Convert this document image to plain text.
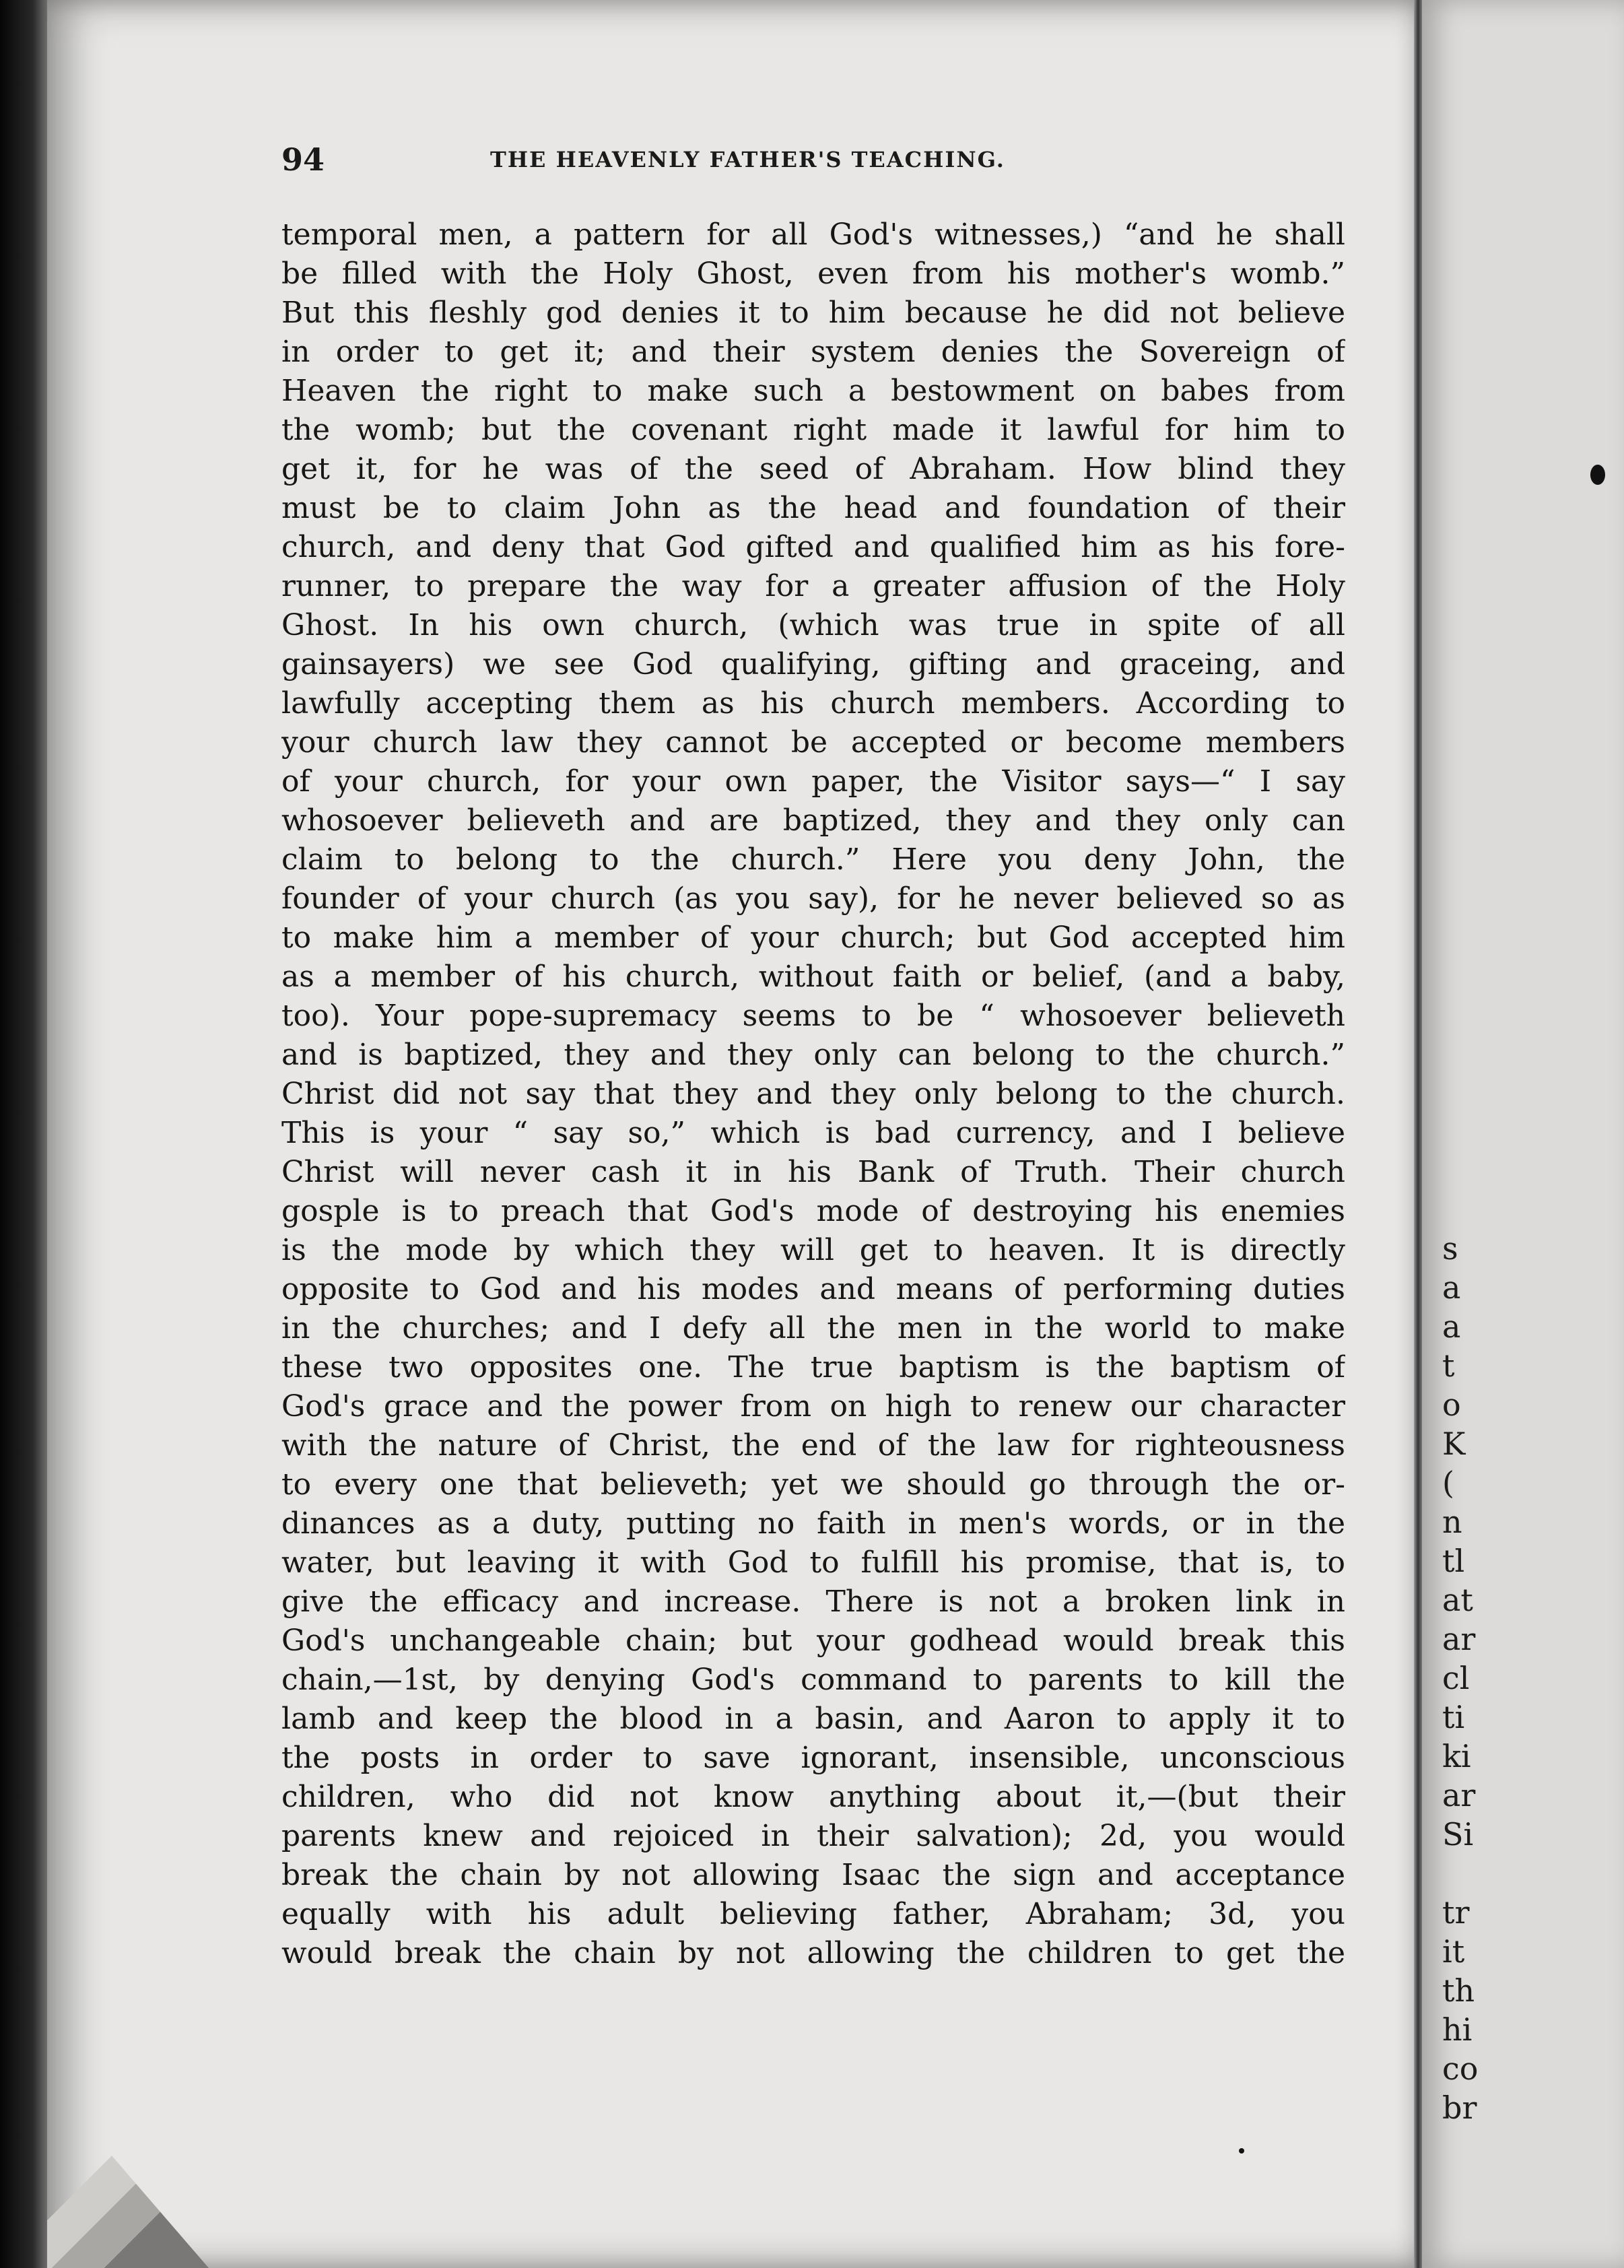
94	THE HEAVENLY FATHER'S TEACHING.
temporal men, a pattern for all God's witnesses,) “and he shall
be filled with the Holy Ghost, even from his mother's womb.”
But this fleshly god denies it to him because he did not believe
in order to get it; and their system denies the Sovereign of
Heaven the right to make such a bestowment on babes from
the womb; but the covenant right made it lawful for him to
get it, for he was of the seed of Abraham. How blind they
must be to claim John as the head and foundation of their
church, and deny that God gifted and qualified him as his fore-
runner, to prepare the way for a greater affusion of the Holy
Ghost. In his own church, (which was true in spite of all
gainsayers) we see God qualifying, gifting and graceing, and
lawfully accepting them as his church members. According to
your church law they cannot be accepted or become members
of your church, for your own paper, the Visitor says—“ I say
whosoever believeth and are baptized, they and they only can
claim to belong to the church.” Here you deny John, the
founder of your church (as you say), for he never believed so as
to make him a member of your church; but God accepted him
as a member of his church, without faith or belief, (and a baby,
too). Your pope-supremacy seems to be “ whosoever believeth
and is baptized, they and they only can belong to the church.”
Christ did not say that they and they only belong to the church.
This is your “ say so,” which is bad currency, and I believe
Christ will never cash it in his Bank of Truth. Their church
gosple is to preach that God's mode of destroying his enemies
is the mode by which they will get to heaven. It is directly
opposite to God and his modes and means of performing duties
in the churches; and I defy all the men in the world to make
these two opposites one. The true baptism is the baptism of
God's grace and the power from on high to renew our character
with the nature of Christ, the end of the law for righteousness
to every one that believeth; yet we should go through the or-
dinances as a duty, putting no faith in men's words, or in the
water, but leaving it with God to fulfill his promise, that is, to
give the efficacy and increase. There is not a broken link in
God's unchangeable chain; but your godhead would break this
chain,—1st, by denying God's command to parents to kill the
lamb and keep the blood in a basin, and Aaron to apply it to
the posts in order to save ignorant, insensible, unconscious
children, who did not know anything about it,—(but their
parents knew and rejoiced in their salvation); 2d, you would
break the chain by not allowing Isaac the sign and acceptance
equally with his adult believing father, Abraham; 3d, you
would break the chain by not allowing the children to get the
s
a
a
t
o
K
(
n
tl
at
ar
cl
ti
ki
ar
Si
tr
it
th
hi
co
br
